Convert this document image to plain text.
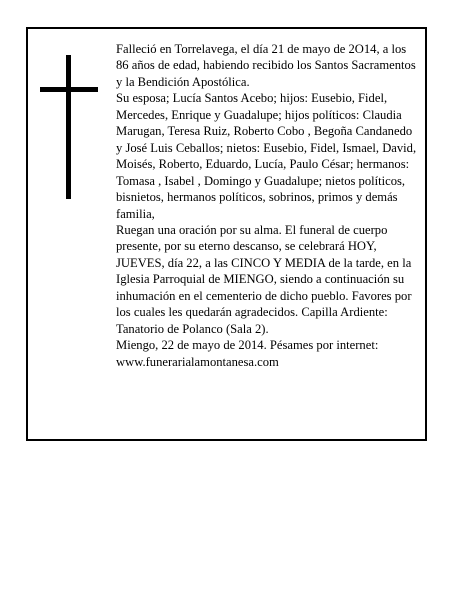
Falleció en Torrelavega, el día 21 de mayo de 2O14, a los 86 años de edad, habiendo recibido los Santos Sacramentos y la Bendición Apostólica.

Su esposa; Lucía Santos Acebo; hijos: Eusebio, Fidel, Mercedes, Enrique y Guadalupe; hijos políticos: Claudia Marugan, Teresa Ruiz, Roberto Cobo , Begoña Candanedo y José Luis Ceballos; nietos: Eusebio, Fidel, Ismael, David, Moisés, Roberto, Eduardo, Lucía, Paulo César; hermanos: Tomasa , Isabel , Domingo y Guadalupe; nietos políticos, bisnietos, hermanos políticos, sobrinos, primos y demás familia,

Ruegan una oración por su alma. El funeral de cuerpo presente, por su eterno descanso, se celebrará HOY, JUEVES, día 22, a las CINCO Y MEDIA de la tarde, en la Iglesia Parroquial de MIENGO, siendo a continuación su inhumación en el cementerio de dicho pueblo. Favores por los cuales les quedarán agradecidos. Capilla Ardiente: Tanatorio de Polanco (Sala 2).

Miengo, 22 de mayo de 2014. Pésames por internet: www.funerarialamontanesa.com
